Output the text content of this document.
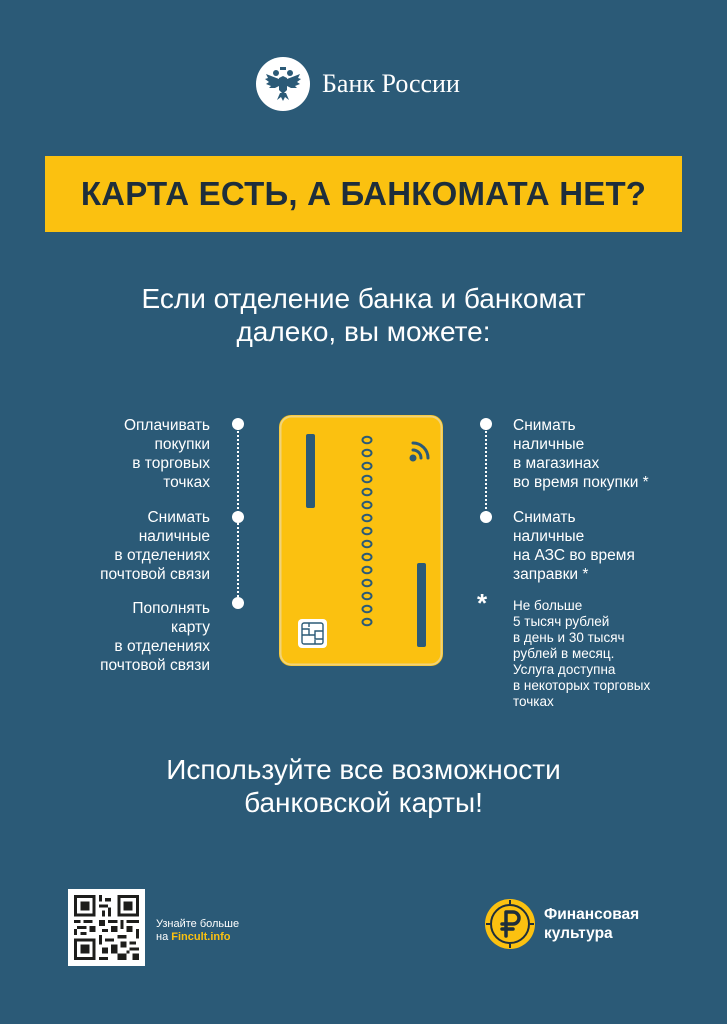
Банк России
КАРТА ЕСТЬ, А БАНКОМАТА НЕТ?
Если отделение банка и банкомат
далеко, вы можете:
Оплачивать
покупки
в торговых
точках
Снимать
наличные
в отделениях
почтовой связи
Пополнять
карту
в отделениях
почтовой связи
Снимать
наличные
в магазинах
во время покупки *
Снимать
наличные
на АЗС во время
заправки *
* Не больше
5 тысяч рублей
в день и 30 тысяч
рублей в месяц.
Услуга доступна
в некоторых торговых
точках
Используйте все возможности
банковской карты!
Узнайте больше
на Fincult.info
Финансовая
культура
